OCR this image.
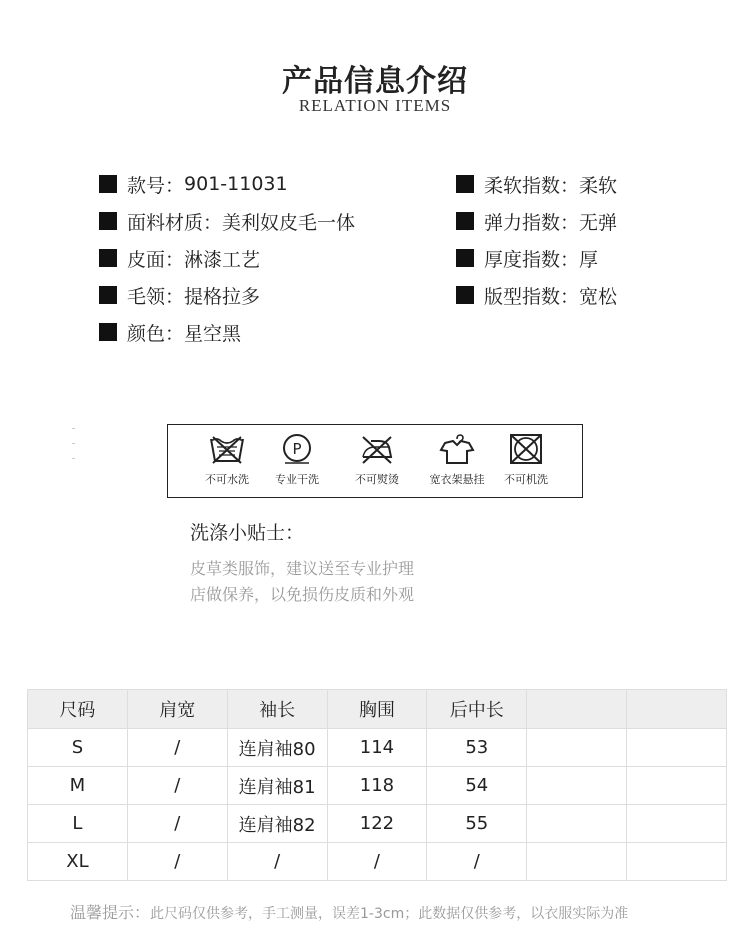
产品信息介绍
RELATION ITEMS
款号： 901-11031
面料材质： 美利奴皮毛一体
皮面： 淋漆工艺
毛领： 提格拉多
颜色： 星空黑
柔软指数： 柔软
弹力指数： 无弹
厚度指数： 厚
版型指数： 宽松
不可水洗
P
专业干洗	不可熨烫	宽衣架悬挂	不可机洗
洗涤小贴士：
皮草类服饰，建议送至专业护理
店做保养，以免损伤皮质和外观
尺码	肩宽	袖长	胸围	后中长		
S	/	连肩袖80	114	53		
M	/	连肩袖81	118	54		
L	/	连肩袖82	122	55		
XL	/	/	/	/		
温馨提示：此尺码仅供参考，手工测量，误差1-3cm；此数据仅供参考，以衣服实际为准
